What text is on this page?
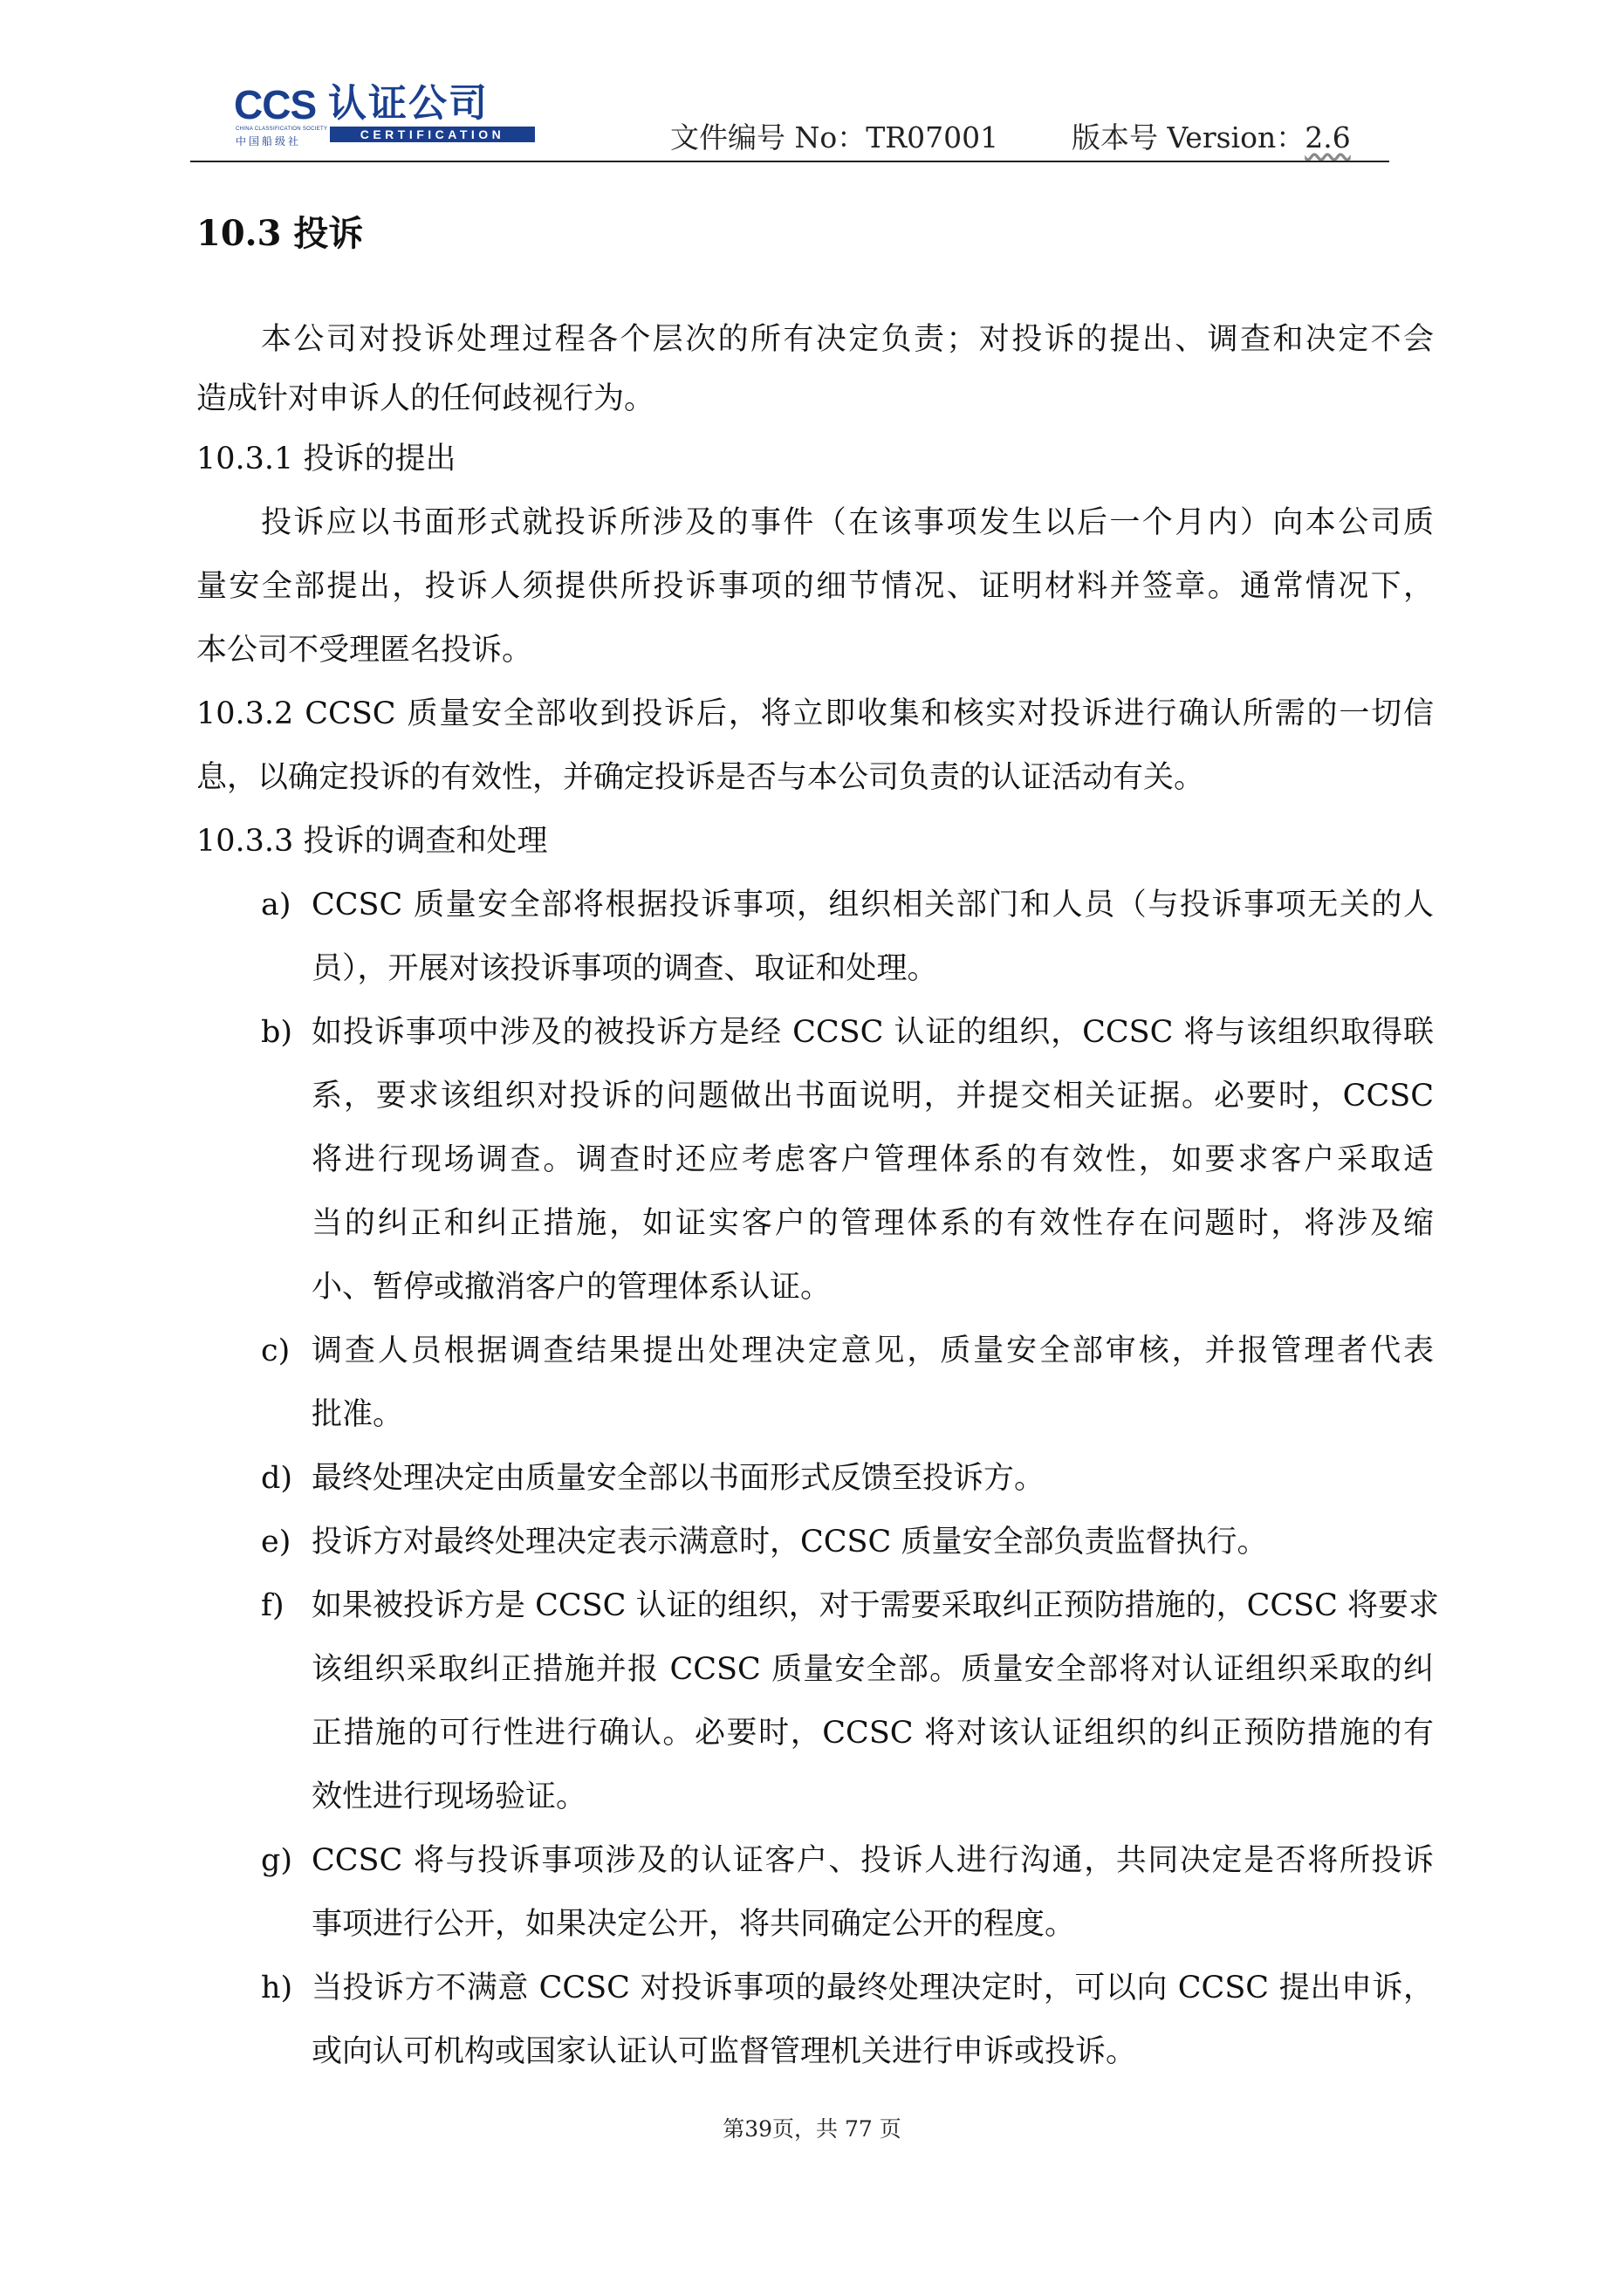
CCS 认证公司
CHINA CLASSIFICATION SOCIETY
中国船级社	CERTIFICATION	文件编号 No：TR07001	版本号 Version：2.6
10.3 投诉
本公司对投诉处理过程各个层次的所有决定负责；对投诉的提出、调查和决定不会
造成针对申诉人的任何歧视行为。
10.3.1 投诉的提出
投诉应以书面形式就投诉所涉及的事件（在该事项发生以后一个月内）向本公司质
量安全部提出，投诉人须提供所投诉事项的细节情况、证明材料并签章。通常情况下，
本公司不受理匿名投诉。
10.3.2 CCSC 质量安全部收到投诉后，将立即收集和核实对投诉进行确认所需的一切信
息，以确定投诉的有效性，并确定投诉是否与本公司负责的认证活动有关。
10.3.3 投诉的调查和处理
a) CCSC 质量安全部将根据投诉事项，组织相关部门和人员（与投诉事项无关的人
员），开展对该投诉事项的调查、取证和处理。
b) 如投诉事项中涉及的被投诉方是经 CCSC 认证的组织，CCSC 将与该组织取得联
系，要求该组织对投诉的问题做出书面说明，并提交相关证据。必要时，CCSC
将进行现场调查。调查时还应考虑客户管理体系的有效性，如要求客户采取适
当的纠正和纠正措施，如证实客户的管理体系的有效性存在问题时，将涉及缩
小、暂停或撤消客户的管理体系认证。
c) 调查人员根据调查结果提出处理决定意见，质量安全部审核，并报管理者代表
批准。
d) 最终处理决定由质量安全部以书面形式反馈至投诉方。
e) 投诉方对最终处理决定表示满意时，CCSC 质量安全部负责监督执行。
f) 如果被投诉方是 CCSC 认证的组织，对于需要采取纠正预防措施的，CCSC 将要求
该组织采取纠正措施并报 CCSC 质量安全部。质量安全部将对认证组织采取的纠
正措施的可行性进行确认。必要时，CCSC 将对该认证组织的纠正预防措施的有
效性进行现场验证。
g) CCSC 将与投诉事项涉及的认证客户、投诉人进行沟通，共同决定是否将所投诉
事项进行公开，如果决定公开，将共同确定公开的程度。
h) 当投诉方不满意 CCSC 对投诉事项的最终处理决定时，可以向 CCSC 提出申诉，
或向认可机构或国家认证认可监督管理机关进行申诉或投诉。
第39页，共 77 页
